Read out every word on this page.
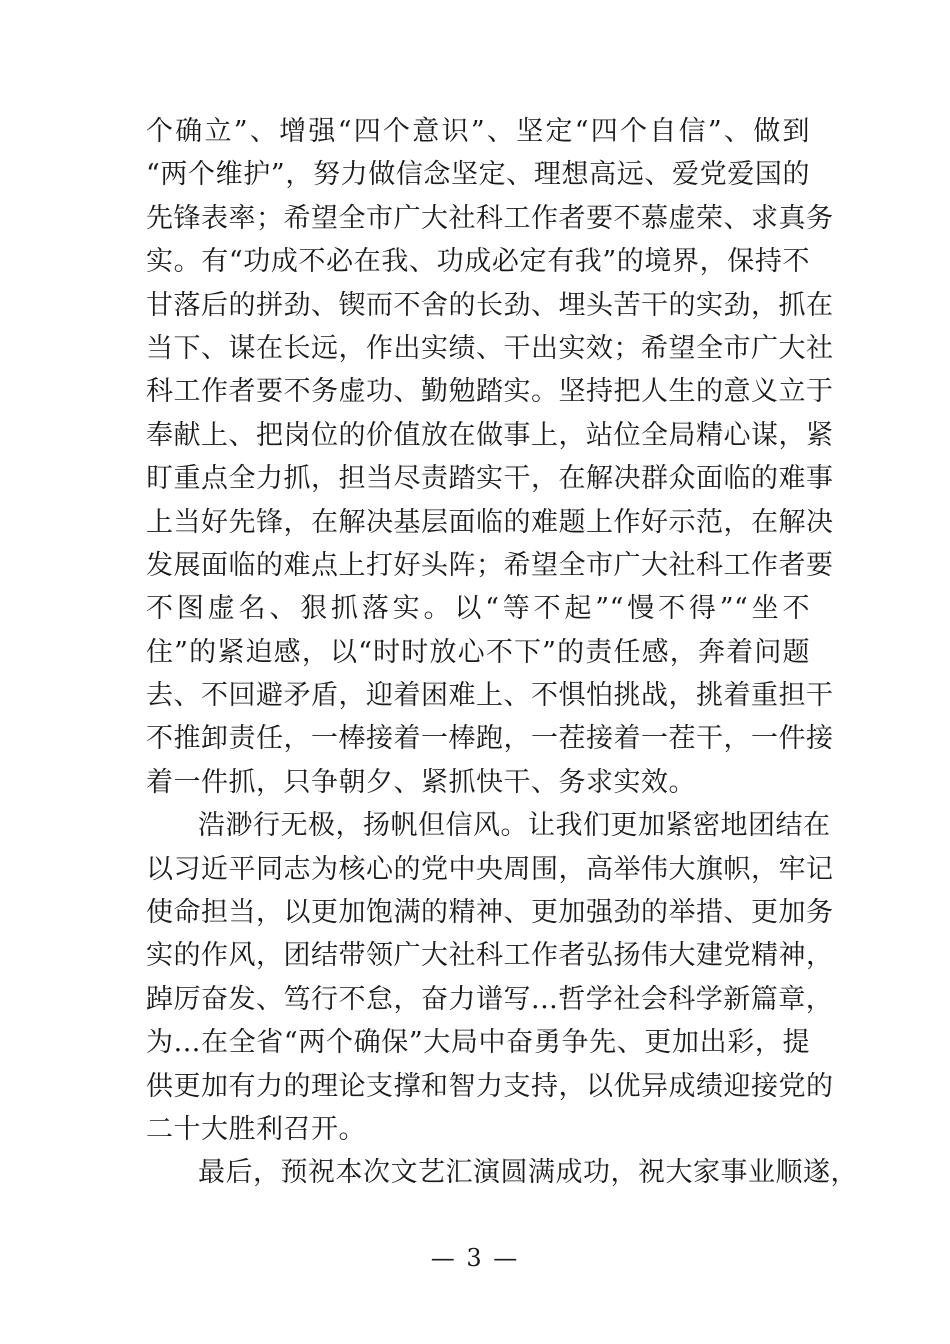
个确立”、增强“四个意识”、坚定“四个自信”、做到
“两个维护”，努力做信念坚定、理想高远、爱党爱国的
先锋表率；希望全市广大社科工作者要不慕虚荣、求真务
实。有“功成不必在我、功成必定有我”的境界，保持不
甘落后的拼劲、锲而不舍的长劲、埋头苦干的实劲，抓在
当下、谋在长远，作出实绩、干出实效；希望全市广大社
科工作者要不务虚功、勤勉踏实。坚持把人生的意义立于
奉献上、把岗位的价值放在做事上，站位全局精心谋，紧
盯重点全力抓，担当尽责踏实干，在解决群众面临的难事
上当好先锋，在解决基层面临的难题上作好示范，在解决
发展面临的难点上打好头阵；希望全市广大社科工作者要
不图虚名、狠抓落实。以“等不起”“慢不得”“坐不
住”的紧迫感，以“时时放心不下”的责任感，奔着问题
去、不回避矛盾，迎着困难上、不惧怕挑战，挑着重担干
不推卸责任，一棒接着一棒跑，一茬接着一茬干，一件接
着一件抓，只争朝夕、紧抓快干、务求实效。
浩渺行无极，扬帆但信风。让我们更加紧密地团结在
以习近平同志为核心的党中央周围，高举伟大旗帜，牢记
使命担当，以更加饱满的精神、更加强劲的举措、更加务
实的作风，团结带领广大社科工作者弘扬伟大建党精神，
踔厉奋发、笃行不怠，奋力谱写...哲学社会科学新篇章，
为...在全省“两个确保”大局中奋勇争先、更加出彩，提
供更加有力的理论支撑和智力支持，以优异成绩迎接党的
二十大胜利召开。
最后，预祝本次文艺汇演圆满成功，祝大家事业顺遂，
— 3 —
